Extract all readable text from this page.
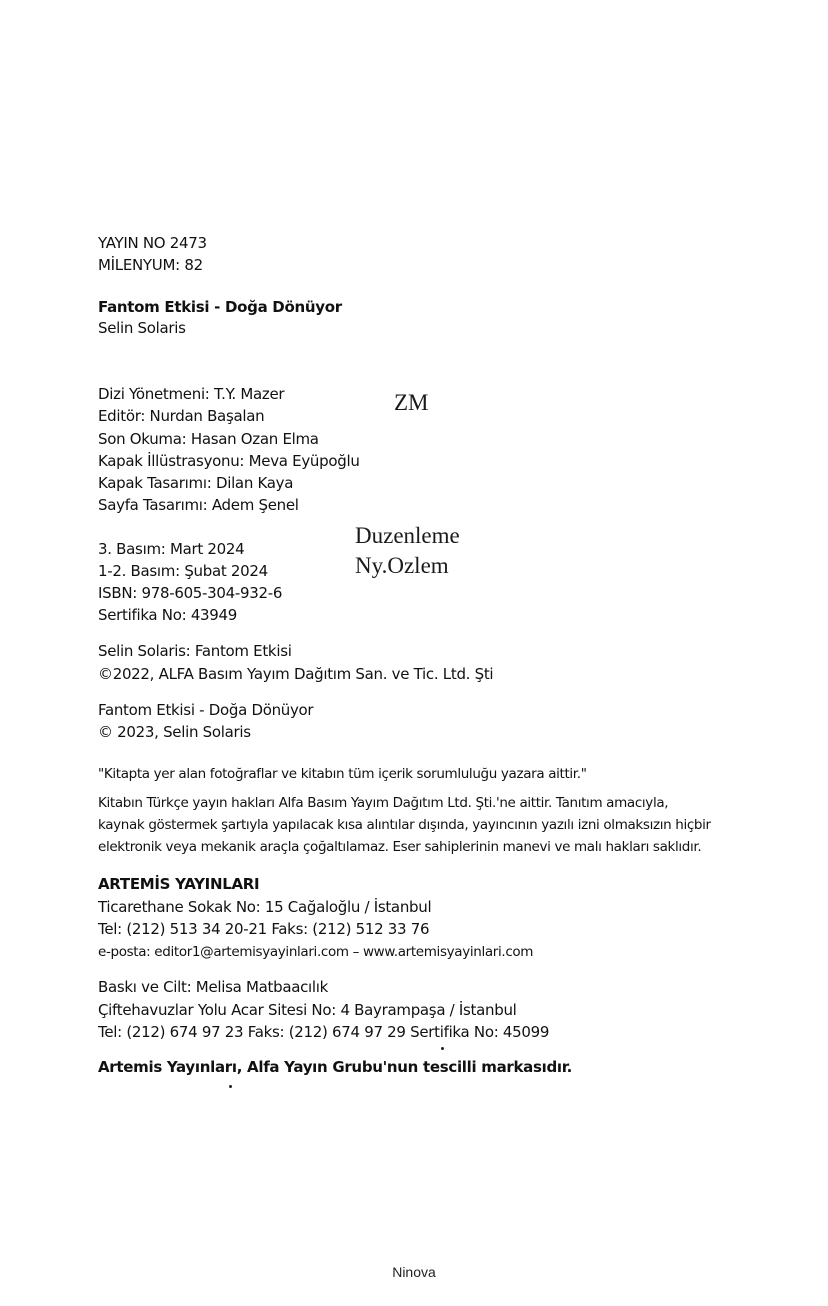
YAYIN NO 2473
MİLENYUM: 82
Fantom Etkisi - Doğa Dönüyor
Selin Solaris
Dizi Yönetmeni: T.Y. Mazer
Editör: Nurdan Başalan
Son Okuma: Hasan Ozan Elma
Kapak İllüstrasyonu: Meva Eyüpoğlu
Kapak Tasarımı: Dilan Kaya
Sayfa Tasarımı: Adem Şenel
ZM
Duzenleme
Ny.Ozlem
3. Basım: Mart 2024
1-2. Basım: Şubat 2024
ISBN: 978-605-304-932-6
Sertifika No: 43949
Selin Solaris: Fantom Etkisi
©2022, ALFA Basım Yayım Dağıtım San. ve Tic. Ltd. Şti
Fantom Etkisi - Doğa Dönüyor
© 2023, Selin Solaris
"Kitapta yer alan fotoğraflar ve kitabın tüm içerik sorumluluğu yazara aittir."
Kitabın Türkçe yayın hakları Alfa Basım Yayım Dağıtım Ltd. Şti.'ne aittir. Tanıtım amacıyla,
kaynak göstermek şartıyla yapılacak kısa alıntılar dışında, yayıncının yazılı izni olmaksızın hiçbir
elektronik veya mekanik araçla çoğaltılamaz. Eser sahiplerinin manevi ve malı hakları saklıdır.
ARTEMİS YAYINLARI
Ticarethane Sokak No: 15 Cağaloğlu / İstanbul
Tel: (212) 513 34 20-21 Faks: (212) 512 33 76
e-posta: editor1@artemisyayinlari.com – www.artemisyayinlari.com
Baskı ve Cilt: Melisa Matbaacılık
Çiftehavuzlar Yolu Acar Sitesi No: 4 Bayrampaşa / İstanbul
Tel: (212) 674 97 23 Faks: (212) 674 97 29 Sertifika No: 45099
Artemis Yayınları, Alfa Yayın Grubu'nun tescilli markasıdır.
Ninova
